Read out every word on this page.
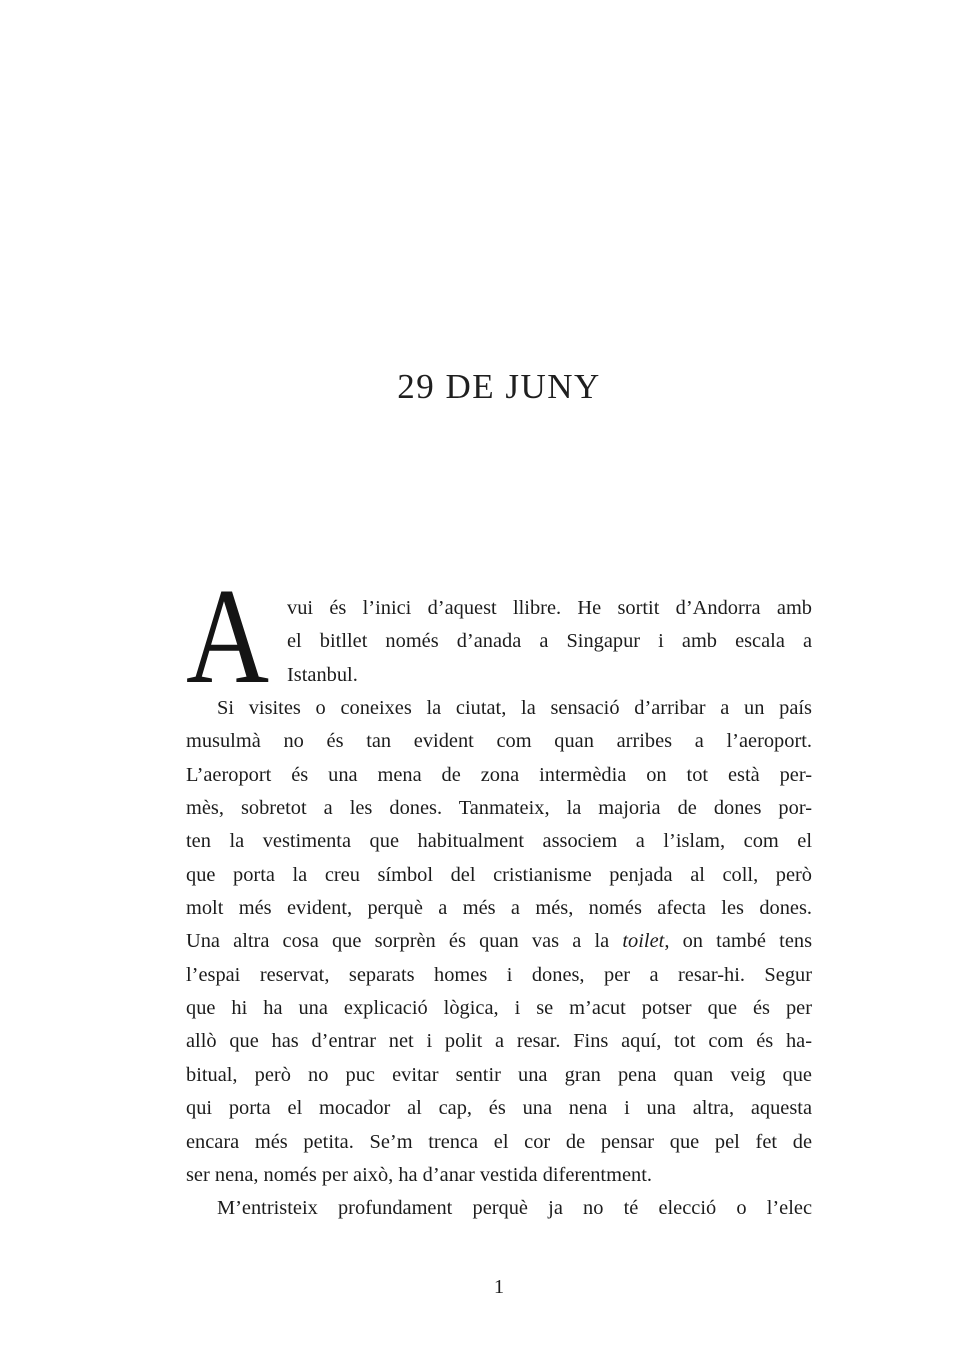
29 DE JUNY
A vui és l’inici d’aquest llibre. He sortit d’Andorra amb
el bitllet només d’anada a Singapur i amb escala a
Istanbul.
Si visites o coneixes la ciutat, la sensació d’arribar a un país
musulmà no és tan evident com quan arribes a l’aeroport.
L’aeroport és una mena de zona intermèdia on tot està per-
mès, sobretot a les dones. Tanmateix, la majoria de dones por-
ten la vestimenta que habitualment associem a l’islam, com el
que porta la creu símbol del cristianisme penjada al coll, però
molt més evident, perquè a més a més, només afecta les dones.
Una altra cosa que sorprèn és quan vas a la toilet, on també tens
l’espai reservat, separats homes i dones, per a resar-hi. Segur
que hi ha una explicació lògica, i se m’acut potser que és per
allò que has d’entrar net i polit a resar. Fins aquí, tot com és ha-
bitual, però no puc evitar sentir una gran pena quan veig que
qui porta el mocador al cap, és una nena i una altra, aquesta
encara més petita. Se’m trenca el cor de pensar que pel fet de
ser nena, només per això, ha d’anar vestida diferentment.
M’entristeix profundament perquè ja no té elecció o l’elec
1
